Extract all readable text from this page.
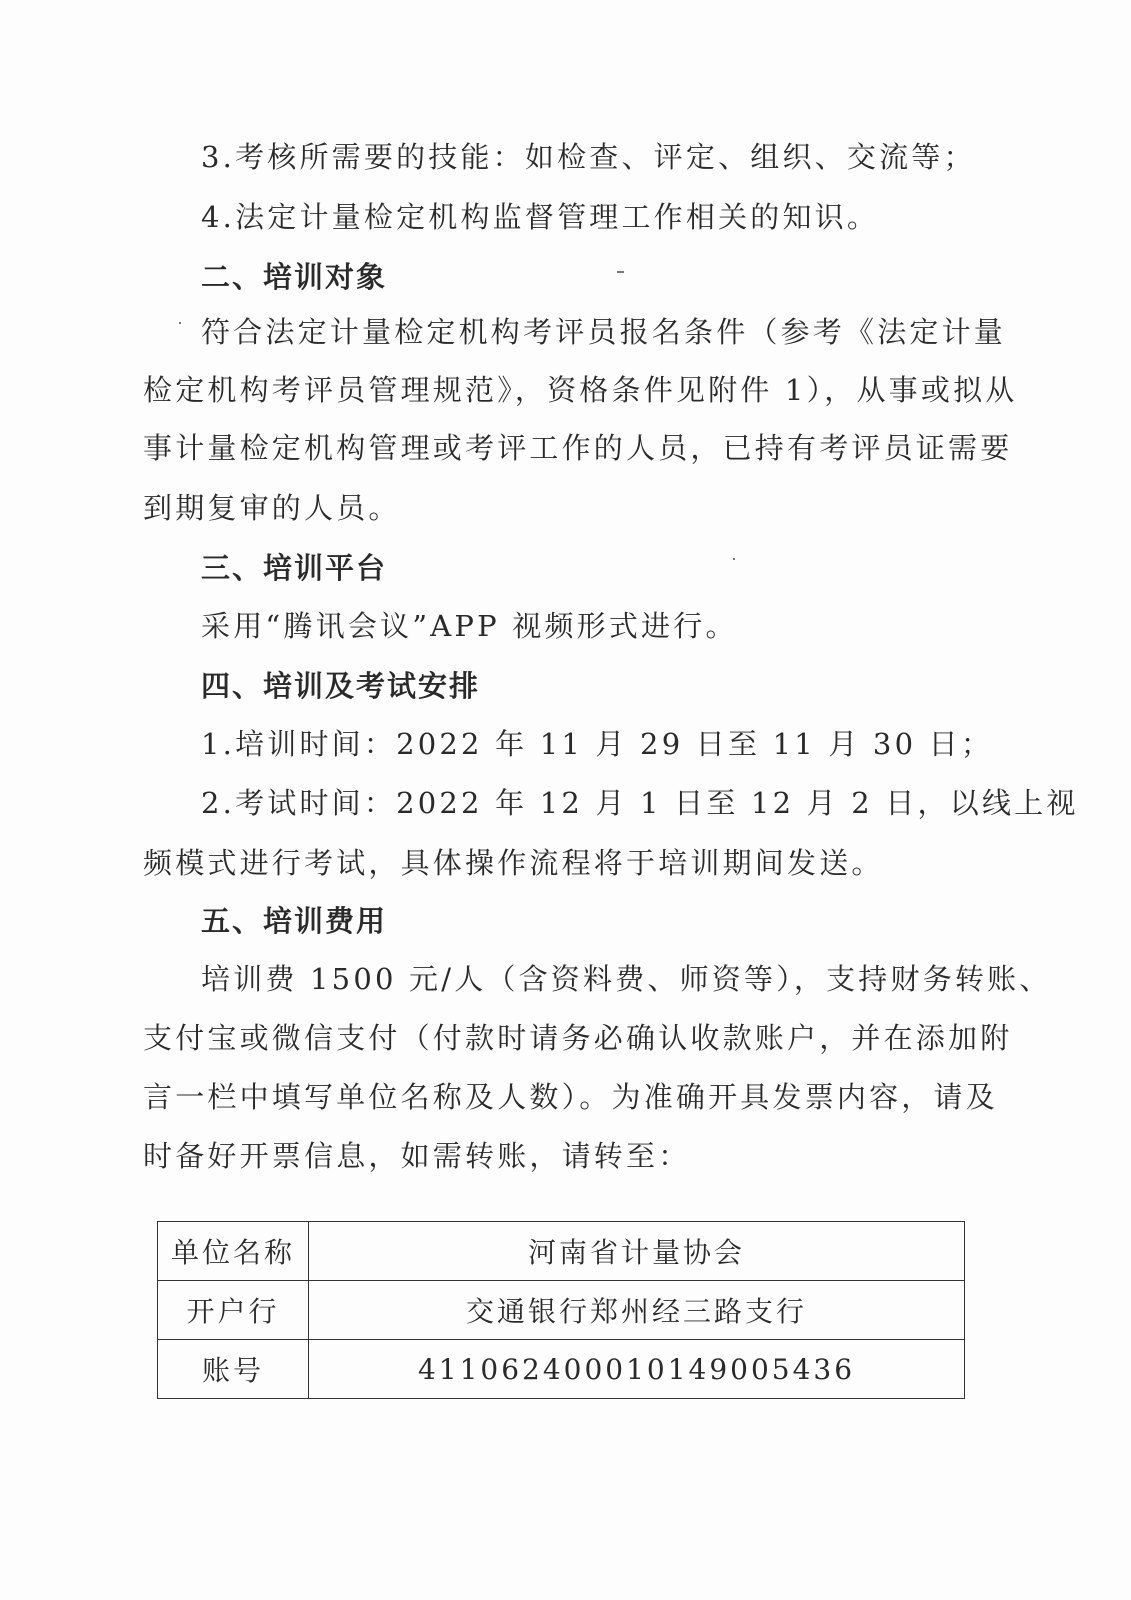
3.考核所需要的技能：如检查、评定、组织、交流等；
4.法定计量检定机构监督管理工作相关的知识。
二、培训对象
符合法定计量检定机构考评员报名条件（参考《法定计量
检定机构考评员管理规范》，资格条件见附件 1），从事或拟从
事计量检定机构管理或考评工作的人员，已持有考评员证需要
到期复审的人员。
三、培训平台
采用“腾讯会议”APP 视频形式进行。
四、培训及考试安排
1.培训时间：2022 年 11 月 29 日至 11 月 30 日；
2.考试时间：2022 年 12 月 1 日至 12 月 2 日，以线上视
频模式进行考试，具体操作流程将于培训期间发送。
五、培训费用
培训费 1500 元/人（含资料费、师资等），支持财务转账、
支付宝或微信支付（付款时请务必确认收款账户，并在添加附
言一栏中填写单位名称及人数）。为准确开具发票内容，请及
时备好开票信息，如需转账，请转至：
单位名称	河南省计量协会
开户行	交通银行郑州经三路支行
账号	411062400010149005436
